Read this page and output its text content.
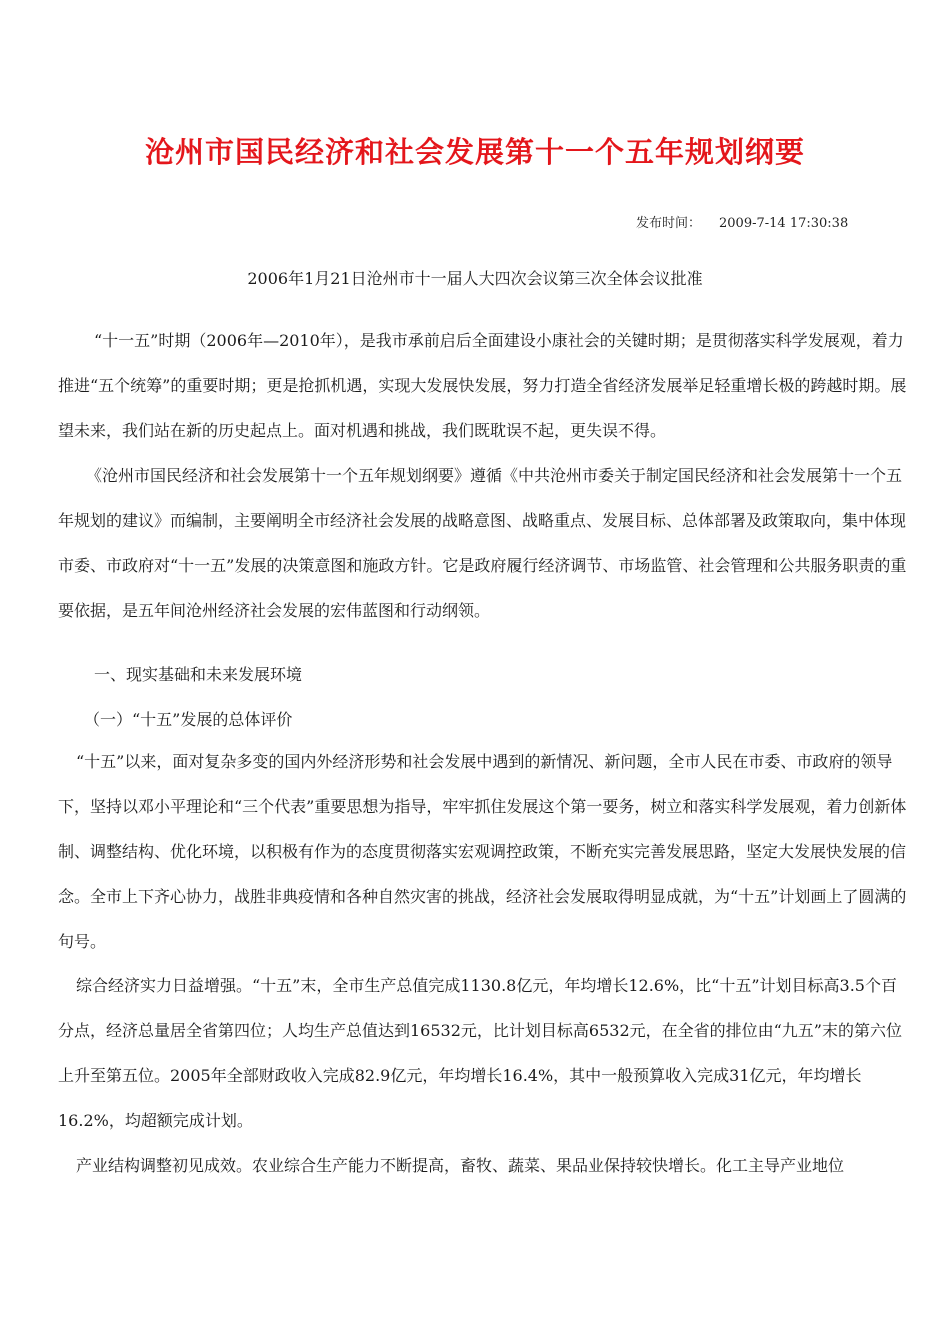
沧州市国民经济和社会发展第十一个五年规划纲要
发布时间： 2009-7-14 17:30:38
2006年1月21日沧州市十一届人大四次会议第三次全体会议批准

“十一五”时期（2006年—2010年），是我市承前启后全面建设小康社会的关键时期；是贯彻落实科学发展观，着力推进“五个统筹”的重要时期；更是抢抓机遇，实现大发展快发展，努力打造全省经济发展举足轻重增长极的跨越时期。展望未来，我们站在新的历史起点上。面对机遇和挑战，我们既耽误不起，更失误不得。

《沧州市国民经济和社会发展第十一个五年规划纲要》遵循《中共沧州市委关于制定国民经济和社会发展第十一个五年规划的建议》而编制，主要阐明全市经济社会发展的战略意图、战略重点、发展目标、总体部署及政策取向，集中体现市委、市政府对“十一五”发展的决策意图和施政方针。它是政府履行经济调节、市场监管、社会管理和公共服务职责的重要依据，是五年间沧州经济社会发展的宏伟蓝图和行动纲领。

一、现实基础和未来发展环境
（一）“十五”发展的总体评价

“十五”以来，面对复杂多变的国内外经济形势和社会发展中遇到的新情况、新问题，全市人民在市委、市政府的领导下，坚持以邓小平理论和“三个代表”重要思想为指导，牢牢抓住发展这个第一要务，树立和落实科学发展观，着力创新体制、调整结构、优化环境，以积极有作为的态度贯彻落实宏观调控政策，不断充实完善发展思路，坚定大发展快发展的信念。全市上下齐心协力，战胜非典疫情和各种自然灾害的挑战，经济社会发展取得明显成就，为“十五”计划画上了圆满的句号。

综合经济实力日益增强。“十五”末，全市生产总值完成1130.8亿元，年均增长12.6%，比“十五”计划目标高3.5个百分点，经济总量居全省第四位；人均生产总值达到16532元，比计划目标高6532元，在全省的排位由“九五”末的第六位上升至第五位。2005年全部财政收入完成82.9亿元，年均增长16.4%，其中一般预算收入完成31亿元，年均增长16.2%，均超额完成计划。

产业结构调整初见成效。农业综合生产能力不断提高，畜牧、蔬菜、果品业保持较快增长。化工主导产业地位
